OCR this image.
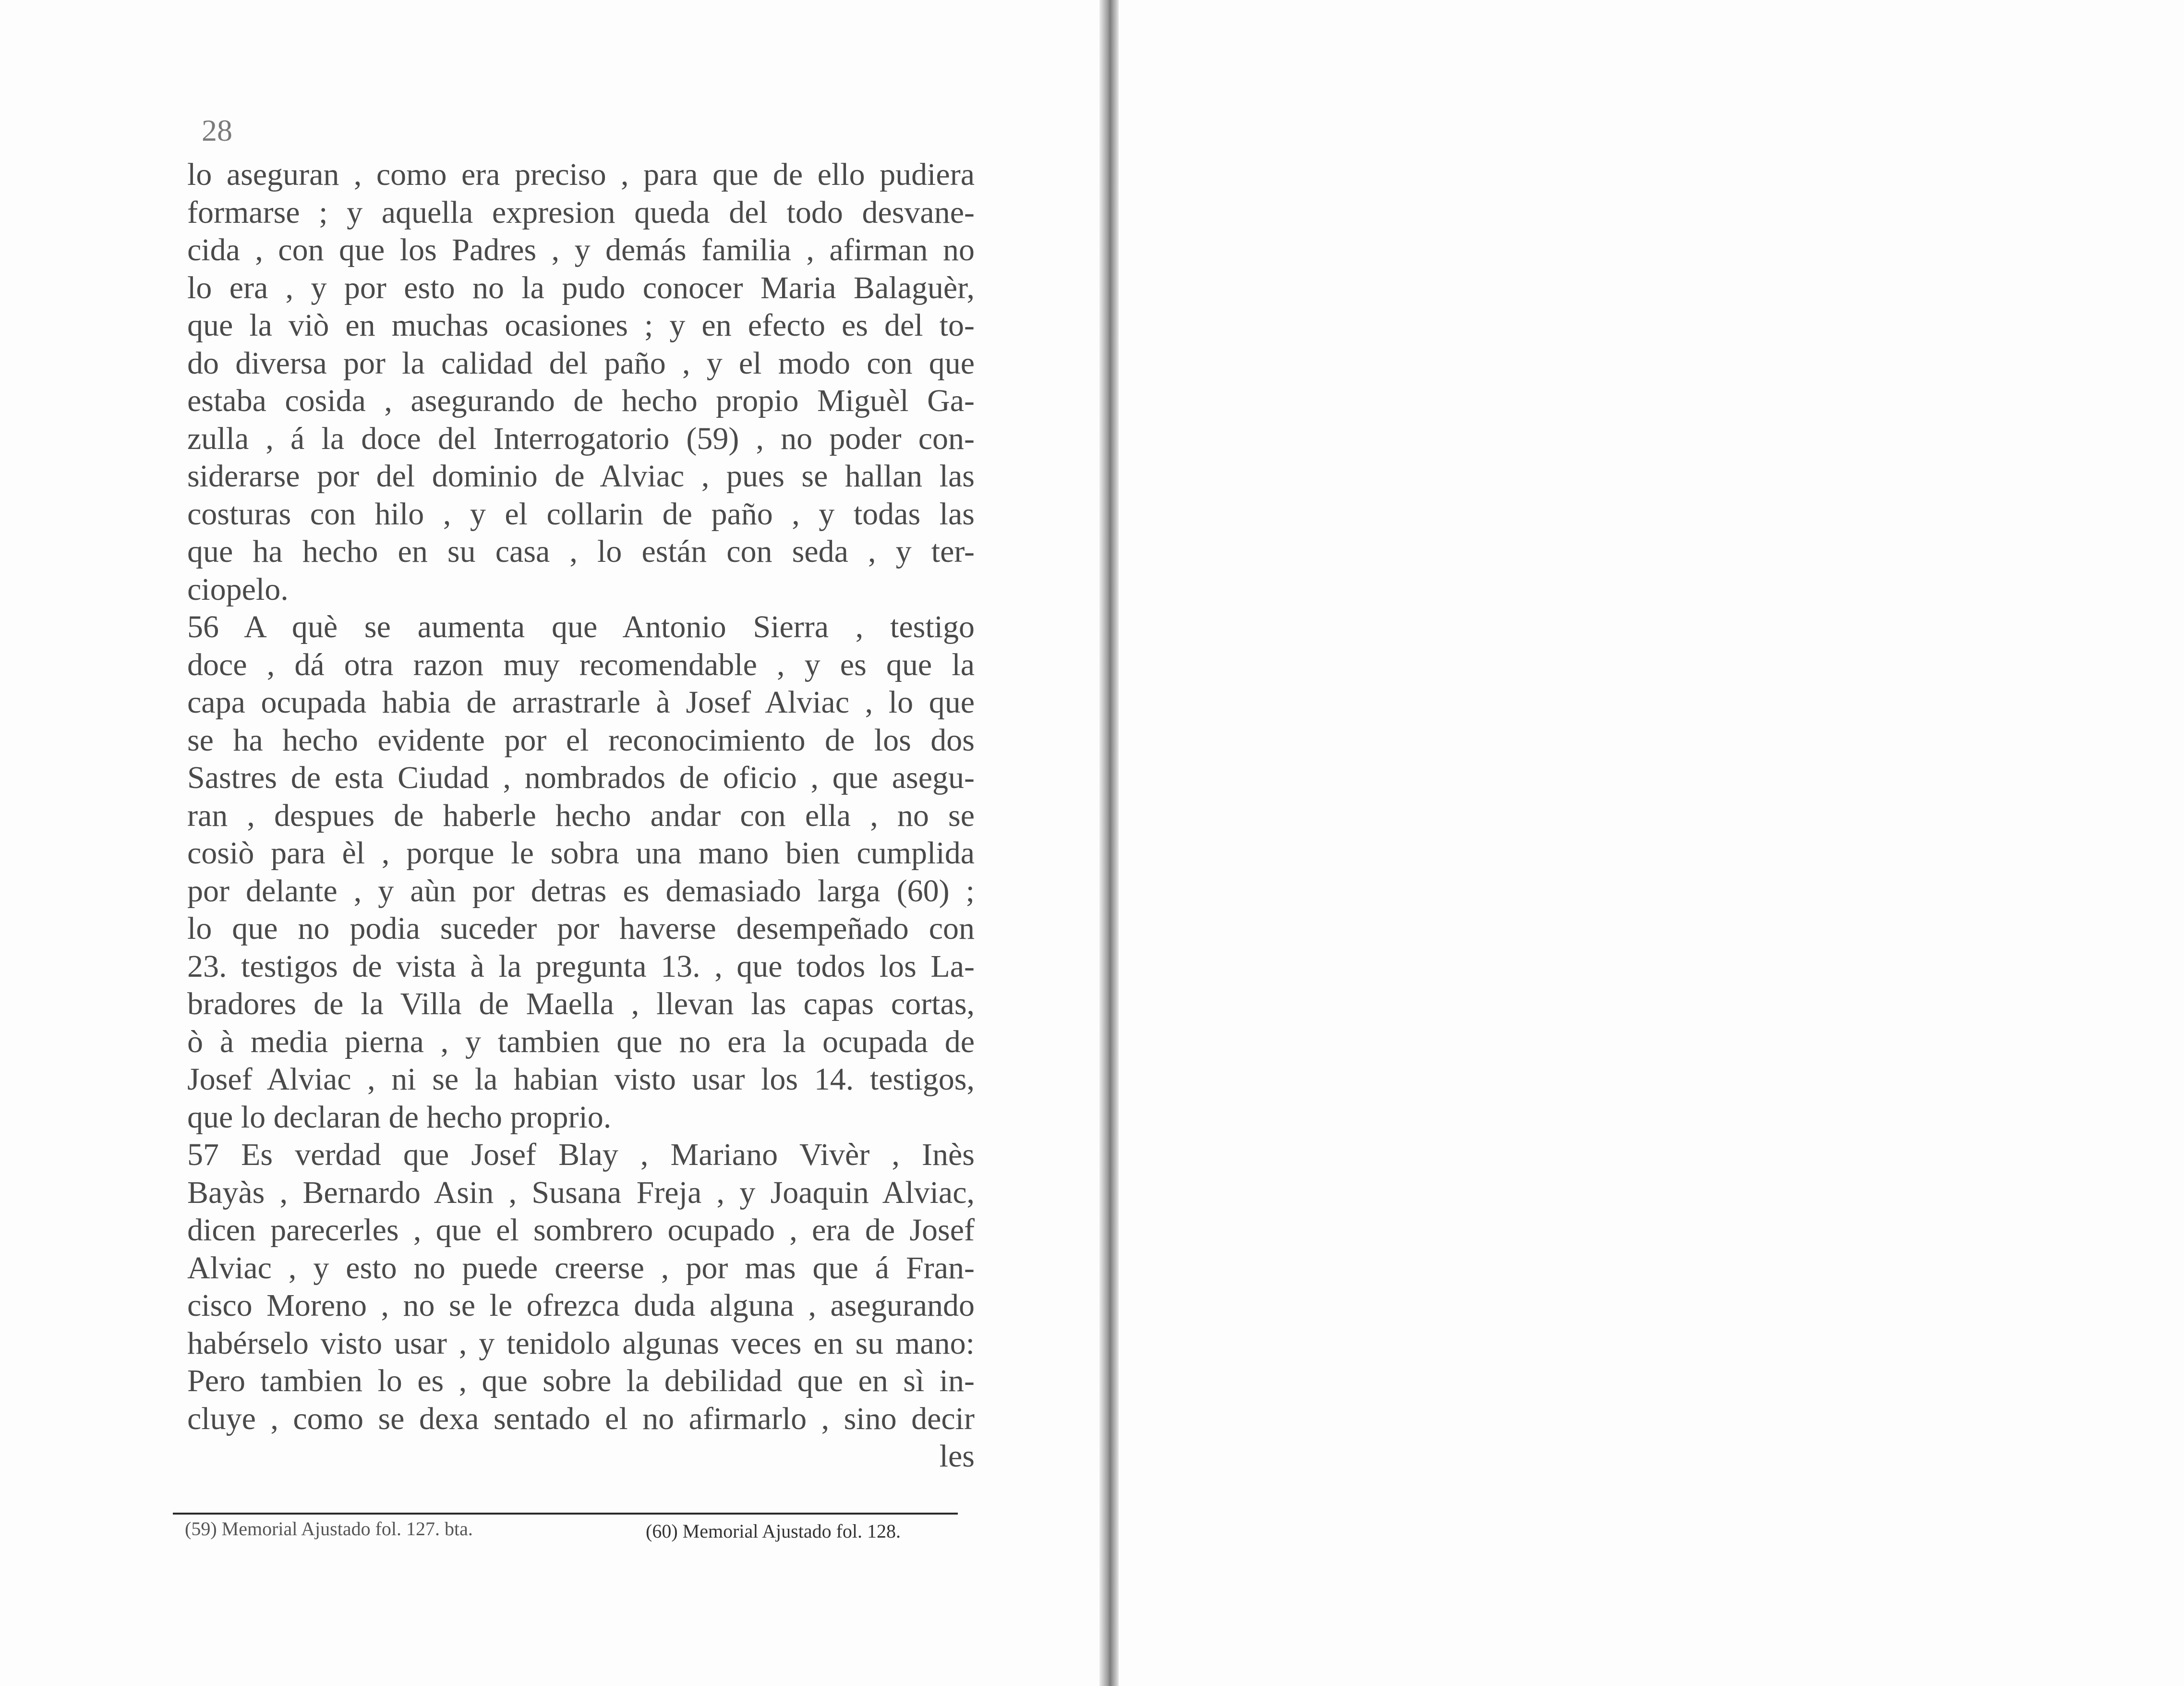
28
lo aseguran , como era preciso , para que de ello pudiera
formarse ; y aquella expresion queda del todo desvane-
cida , con que los Padres , y demás familia , afirman no
lo era , y por esto no la pudo conocer Maria Balaguèr,
que la viò en muchas ocasiones ; y en efecto es del to-
do diversa por la calidad del paño , y el modo con que
estaba cosida , asegurando de hecho propio Miguèl Ga-
zulla , á la doce del Interrogatorio (59) , no poder con-
siderarse por del dominio de Alviac , pues se hallan las
costuras con hilo , y el collarin de paño , y todas las
que ha hecho en su casa , lo están con seda , y ter-
ciopelo.
56 A què se aumenta que Antonio Sierra , testigo
doce , dá otra razon muy recomendable , y es que la
capa ocupada habia de arrastrarle à Josef Alviac , lo que
se ha hecho evidente por el reconocimiento de los dos
Sastres de esta Ciudad , nombrados de oficio , que asegu-
ran , despues de haberle hecho andar con ella , no se
cosiò para èl , porque le sobra una mano bien cumplida
por delante , y aùn por detras es demasiado larga (60) ;
lo que no podia suceder por haverse desempeñado con
23. testigos de vista à la pregunta 13. , que todos los La-
bradores de la Villa de Maella , llevan las capas cortas,
ò à media pierna , y tambien que no era la ocupada de
Josef Alviac , ni se la habian visto usar los 14. testigos,
que lo declaran de hecho proprio.
57 Es verdad que Josef Blay , Mariano Vivèr , Inès
Bayàs , Bernardo Asin , Susana Freja , y Joaquin Alviac,
dicen parecerles , que el sombrero ocupado , era de Josef
Alviac , y esto no puede creerse , por mas que á Fran-
cisco Moreno , no se le ofrezca duda alguna , asegurando
habérselo visto usar , y tenidolo algunas veces en su mano:
Pero tambien lo es , que sobre la debilidad que en sì in-
cluye , como se dexa sentado el no afirmarlo , sino decir
les
(59) Memorial Ajustado fol. 127. bta.	(60) Memorial Ajustado fol. 128.
